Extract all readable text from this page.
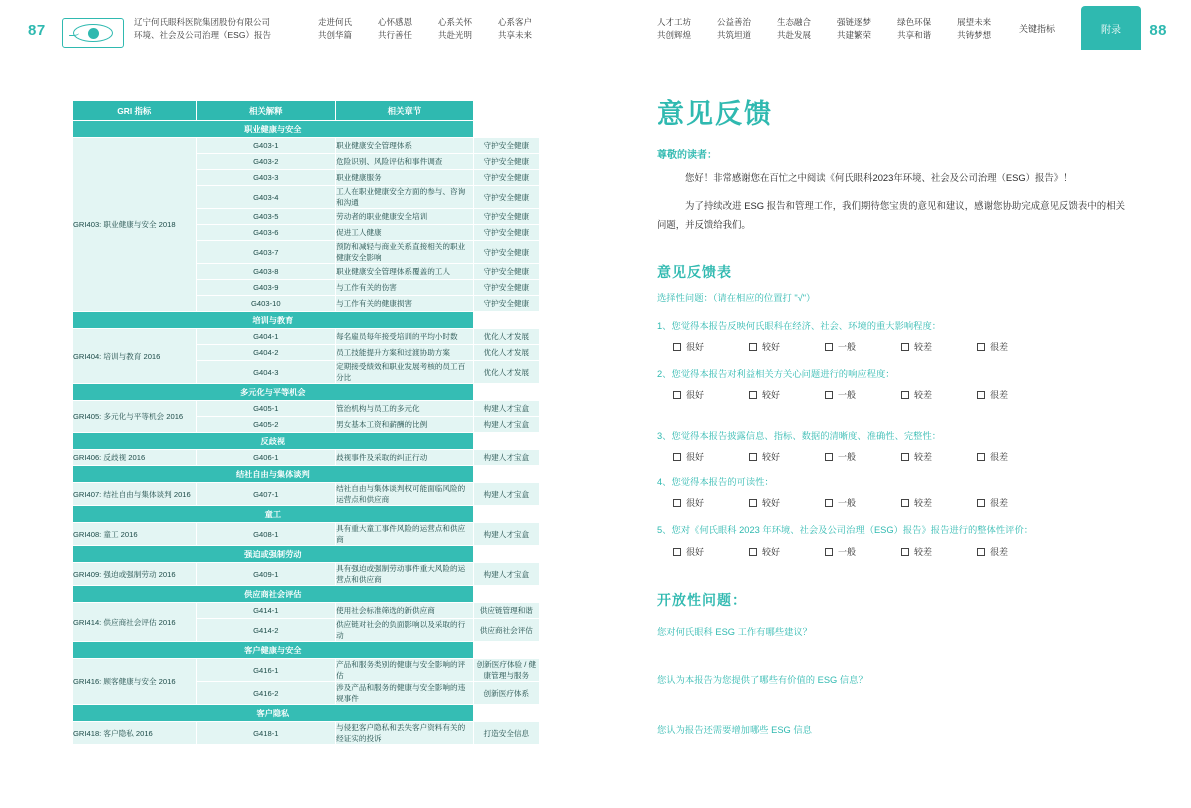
87	辽宁何氏眼科医院集团股份有限公司
环境、社会及公司治理（ESG）报告
走进何氏
共创华篇
心怀感恩
共行善任
心系关怀
共赴光明
心系客户
共享未来
GRI 指标	相关解释	相关章节	
职业健康与安全			
GRI403: 职业健康与安全 2018	G403-1	职业健康安全管理体系	守护安全健康
	G403-2	危险识别、风险评估和事件调查	守护安全健康
	G403-3	职业健康服务	守护安全健康
	G403-4	工人在职业健康安全方面的参与、咨询和沟通	守护安全健康
	G403-5	劳动者的职业健康安全培训	守护安全健康
	G403-6	促进工人健康	守护安全健康
	G403-7	预防和减轻与商业关系直接相关的职业健康安全影响	守护安全健康
	G403-8	职业健康安全管理体系覆盖的工人	守护安全健康
	G403-9	与工作有关的伤害	守护安全健康
	G403-10	与工作有关的健康损害	守护安全健康
培训与教育			
GRI404: 培训与教育 2016	G404-1	每名雇员每年接受培训的平均小时数	优化人才发展
	G404-2	员工技能提升方案和过渡协助方案	优化人才发展
	G404-3	定期接受绩效和职业发展考核的员工百分比	优化人才发展
多元化与平等机会			
GRI405: 多元化与平等机会 2016	G405-1	管治机构与员工的多元化	构建人才宝盒
	G405-2	男女基本工资和薪酬的比例	构建人才宝盒
反歧视			
GRI406: 反歧视 2016	G406-1	歧视事件及采取的纠正行动	构建人才宝盒
结社自由与集体谈判			
GRI407: 结社自由与集体谈判 2016	G407-1	结社自由与集体谈判权可能面临风险的运营点和供应商	构建人才宝盒
童工			
GRI408: 童工 2016	G408-1	具有重大童工事件风险的运营点和供应商	构建人才宝盒
强迫或强制劳动			
GRI409: 强迫或强制劳动 2016	G409-1	具有强迫或强制劳动事件重大风险的运营点和供应商	构建人才宝盒
供应商社会评估			
GRI414: 供应商社会评估 2016	G414-1	使用社会标准筛选的新供应商	供应链管理和谐
	G414-2	供应链对社会的负面影响以及采取的行动	供应商社会评估
客户健康与安全			
GRI416: 顾客健康与安全 2016	G416-1	产品和服务类别的健康与安全影响的评估	创新医疗体验 / 健康管理与服务
	G416-2	涉及产品和服务的健康与安全影响的违规事件	创新医疗体系
客户隐私			
GRI418: 客户隐私 2016	G418-1	与侵犯客户隐私和丢失客户资料有关的经证实的投诉	打造安全信息
88
人才工坊
共创辉煌
公益善治
共筑坦道
生态融合
共赴发展
强链逐梦
共建繁荣
绿色环保
共享和谐
展望未来
共铸梦想
关键指标	附录
意见反馈
尊敬的读者：
您好！非常感谢您在百忙之中阅读《何氏眼科2023年环境、社会及公司治理（ESG）报告》！
为了持续改进 ESG 报告和管理工作，我们期待您宝贵的意见和建议，感谢您协助完成意见反馈表中的相关问题，并反馈给我们。
意见反馈表
选择性问题：（请在相应的位置打 "√"）
1、您觉得本报告反映何氏眼科在经济、社会、环境的重大影响程度：
很好	较好	一般	较差	很差
2、您觉得本报告对利益相关方关心问题进行的响应程度：
很好	较好	一般	较差	很差
3、您觉得本报告披露信息、指标、数据的清晰度、准确性、完整性：
很好	较好	一般	较差	很差
4、您觉得本报告的可读性：
很好	较好	一般	较差	很差
5、您对《何氏眼科 2023 年环境、社会及公司治理（ESG）报告》报告进行的整体性评价：
很好	较好	一般	较差	很差
开放性问题：
您对何氏眼科 ESG 工作有哪些建议？
您认为本报告为您提供了哪些有价值的 ESG 信息？
您认为报告还需要增加哪些 ESG 信息
